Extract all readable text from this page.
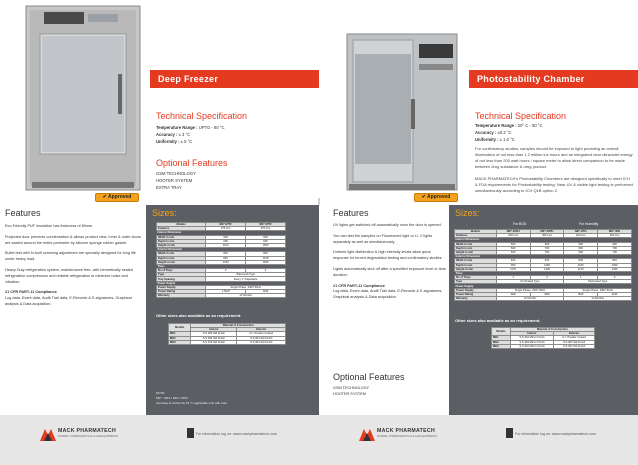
Deep Freezer
Technical Specification
Temperature Range : UPTO - 80 °C
Accuracy : ± 3 °C
Uniformity : ± 5 °C
Optional Features
GSM TECHNOLOGY
HOOTER SYSTEM
EXTRA TRAY
✔ Approved
Features

Eco-Friendly PUF Insulation has thickness of 80mm.

Projected door prevents condensation & allows product view. Inner & outer doors are sealed around the entire perimeter by silicone sponge rubber gasket.

Bullet feet with in-built screwing adjustment are specially designed for long life under heavy load.

Heavy Duty refrigeration system, maintenance free, with hermetically sealed refrigeration compressors and reliable refrigeration to minimize noise and vibration.

21 CFR PART-11 Compliance

Log data, Event data, Audit Trail data, E-Records & E-signatures, Graphical analysis & Data acquisition.

Sizes:
Models	MK*-275F	MK*-375F
Features	275 Ltrs	375 Ltrs
Interior Dimension		
Width in mm	600	600
Depth in mm	600	600
Height in mm	1100	1500
Exterior Dimension		
Width in mm	840	840
Depth in mm	840	1140
Height in mm	1150	1600
Trays		
No of Trays	3	3
Type	Wiremesh Type	
Tray Spacing	Every 1" Adjustable	
Power Supply		
Power Supply	Single Phase, 230V 50Hz	
Power Rating	1.5kW	3kW
Warranty	12 Months	
Other sizes also available as an requirement.
Models	Material of Construction	
	Interior	Exterior
MK1	S.S.304 Std Finish	G.I. Powder Coated
MK2	S.S.304 Std Finish	S.S.304 Std Finish
MK3	S.S.316 Std Finish	S.S.304 Std Finish
NOTE:
MK* : MK1 / MK2 / MK3
Accuracy & uniformity ±3 °C applicable only with load
MACK PHARMATECH
PHARMA, PHARMACEUTICAL & LAB EQUIPMENTS
For information log on: www.mackpharmatech.com
Photostability Chamber
Technical Specification
Temperature Range : 20° C - 50 °C
Accuracy : ±0.2 °C
Uniformity : ± 1.0 °C
For confirmatory studies, samples should be exposed to light providing an overall illumination of not less than 1.2 million lux hours and an integrated near ultraviolet energy of not less than 200 watt hours / square meter to allow direct comparison to be made between drug substance & drug product.
MACK PHARMATECH's Photostability Chambers are designed specifically to meet ICH & FDA requirements for Photostability testing. Near UV & visible light testing is performed simultaneously according to ICH Q1B option 2.
✔ Approved
Features

UV lights get switched off automatically once the door is opened.

You can test the samples on Fluorescent light or U. V lights separately as well as simultaneously.

Uniform light distribution & high intensity levels allow quick response for forced degradation testing and confirmatory studies.

Lights automatically shut off after a specified exposure level or time duration.

21 CFR PART-11 Compliance

Log data, Event data, Audit Trail data, E-Records & E-signatures, Graphical analysis & Data acquisition.

Optional Features
GSM TECHNOLOGY
HOOTER SYSTEM
Sizes:
For BOD	For Humidity
Models	MK*-20PH	MK*-40PH	MK*-2PH	MK*-4PH
Features	200 Ltrs	400 Ltrs	200 Ltrs	400 Ltrs
Interior Dimension				
Width in mm	600	900	600	900
Depth in mm	600	700	600	700
Height in mm	600	700	600	700
Exterior Dimension				
Width in mm	840	840	840	840
Depth in mm	960	1160	1160	1200
Height in mm	1175	1325	1175	1325
Trays				
No of Trays	1	2	1	2
Type	Perforated Type		Perforated Type	
Power Supply				
Power Supply	Single Phase, 230V 50Hz		Single Phase, 230V 50Hz	
Power Rating	3kW	3kW	3kW	4kW
Warranty	12 Months		12 Months	
Other sizes also available as an requirement.
Models	Material of Construction	
	Interior	Exterior
MK1	S.S.304 Mirror Finish	G.I. Powder Coated
MK2	S.S.304 Mirror Finish	S.S.304 Std Finish
MK3	S.S.316 Mirror Finish	S.S.304 Std Finish
MACK PHARMATECH
PHARMA, PHARMACEUTICAL & LAB EQUIPMENTS
For information log on: www.mackpharmatech.com
